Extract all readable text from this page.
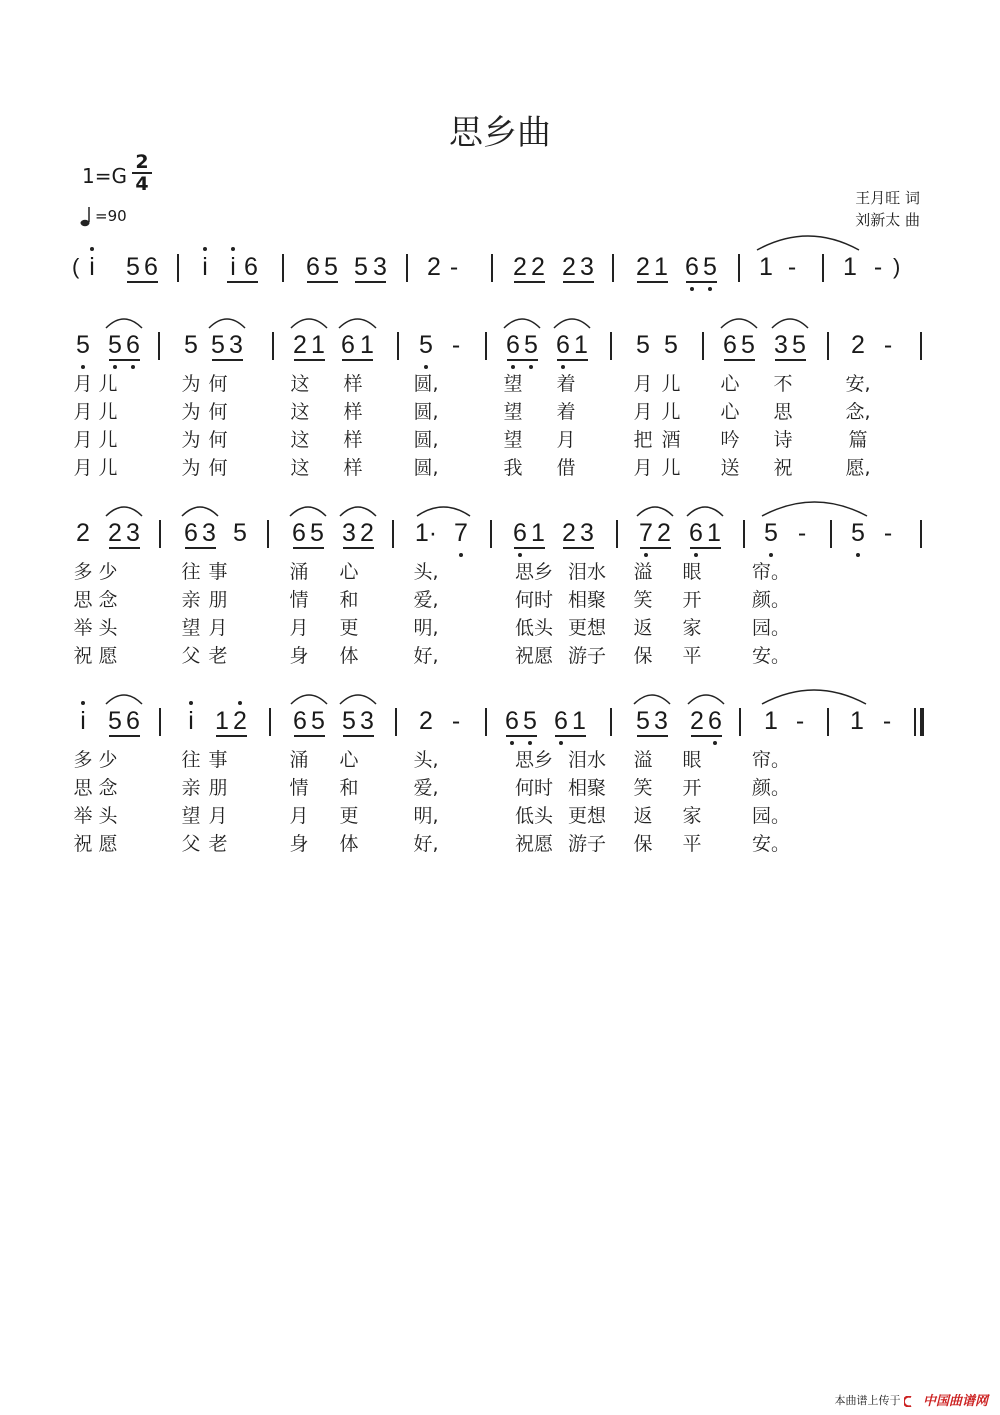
思乡曲
1=G
2
4
=90
王月旺 词
刘新太 曲
i 5 6 i i 6 6 5 5 3 2 - 2 2 2 3 2 1 6 5 1 - 1 -
(	)
5 5 6 5 5 3 2 1 6 1 5 - 6 5 6 1 5 5 6 5 3 5 2 -
月 儿	为 何	这 样	圆,	望 着	月 儿 心 不	安,
月 儿	为 何	这 样	圆,	望 着	月 儿 心 思	念,
月 儿	为 何	这 样	圆,	望 月	把 酒 吟 诗	篇
月 儿	为 何	这 样	圆,	我 借	月 儿 送 祝	愿,
2 2 3 6 3 5 6 5 3 2 1· 7 6 1 2 3 7 2 6 1 5 - 5 -
多 少	往 事	涌 心	头,	思乡 泪水 溢 眼	帘。
思 念	亲 朋	情 和	爱,	何时 相聚 笑 开	颜。
举 头	望 月	月 更	明,	低头 更想 返 家	园。
祝 愿	父 老	身 体	好,	祝愿 游子 保 平	安。
i 5 6 i 1 2 6 5 5 3 2 - 6 5 6 1 5 3 2 6 1 - 1 -
多 少	往 事	涌 心	头,	思乡 泪水 溢 眼	帘。
思 念	亲 朋	情 和	爱,	何时 相聚 笑 开	颜。
举 头	望 月	月 更	明,	低头 更想 返 家	园。
祝 愿	父 老	身 体	好,	祝愿 游子 保 平	安。
本曲谱上传于	中国曲谱网
